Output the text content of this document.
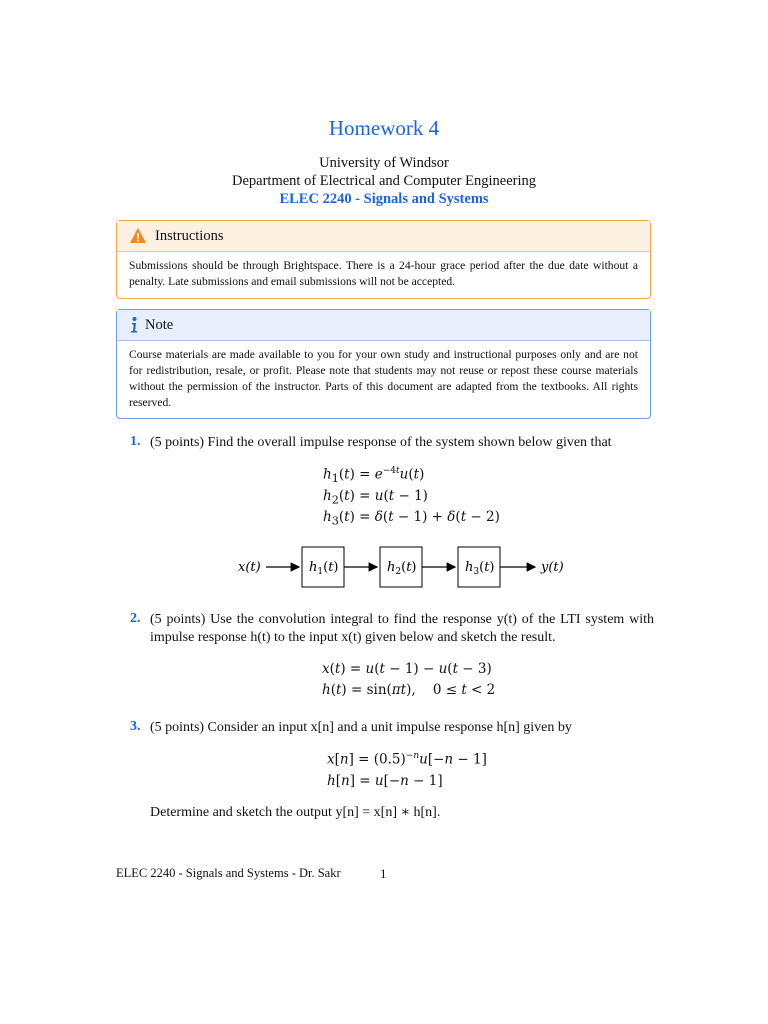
Homework 4
University of Windsor
Department of Electrical and Computer Engineering
ELEC 2240 - Signals and Systems
Instructions
Submissions should be through Brightspace. There is a 24-hour grace period after the due date without a penalty. Late submissions and email submissions will not be accepted.
Note
Course materials are made available to you for your own study and instructional purposes only and are not for redistribution, resale, or profit. Please note that students may not reuse or repost these course materials without the permission of the instructor. Parts of this document are adapted from the textbooks. All rights reserved.
1. (5 points) Find the overall impulse response of the system shown below given that
$h_1(t) = e^{-4t}u(t)$
$h_2(t) = u(t - 1)$
$h_3(t) = \delta(t - 1) + \delta(t - 2)$
x(t)	$h_1(t)$	$h_2(t)$	$h_3(t)$	y(t)
2. (5 points) Use the convolution integral to find the response y(t) of the LTI system with impulse response h(t) to the input x(t) given below and sketch the result.
x(t) = u(t − 1) − u(t − 3)
h(t) = sin(πt),    0 ≤ t < 2
3. (5 points) Consider an input x[n] and a unit impulse response h[n] given by
$x[n] = (0.5)^{-n}u[-n - 1]$
h[n] = u[−n − 1]
Determine and sketch the output y[n] = x[n] ∗ h[n].
ELEC 2240 - Signals and Systems - Dr. Sakr	1
